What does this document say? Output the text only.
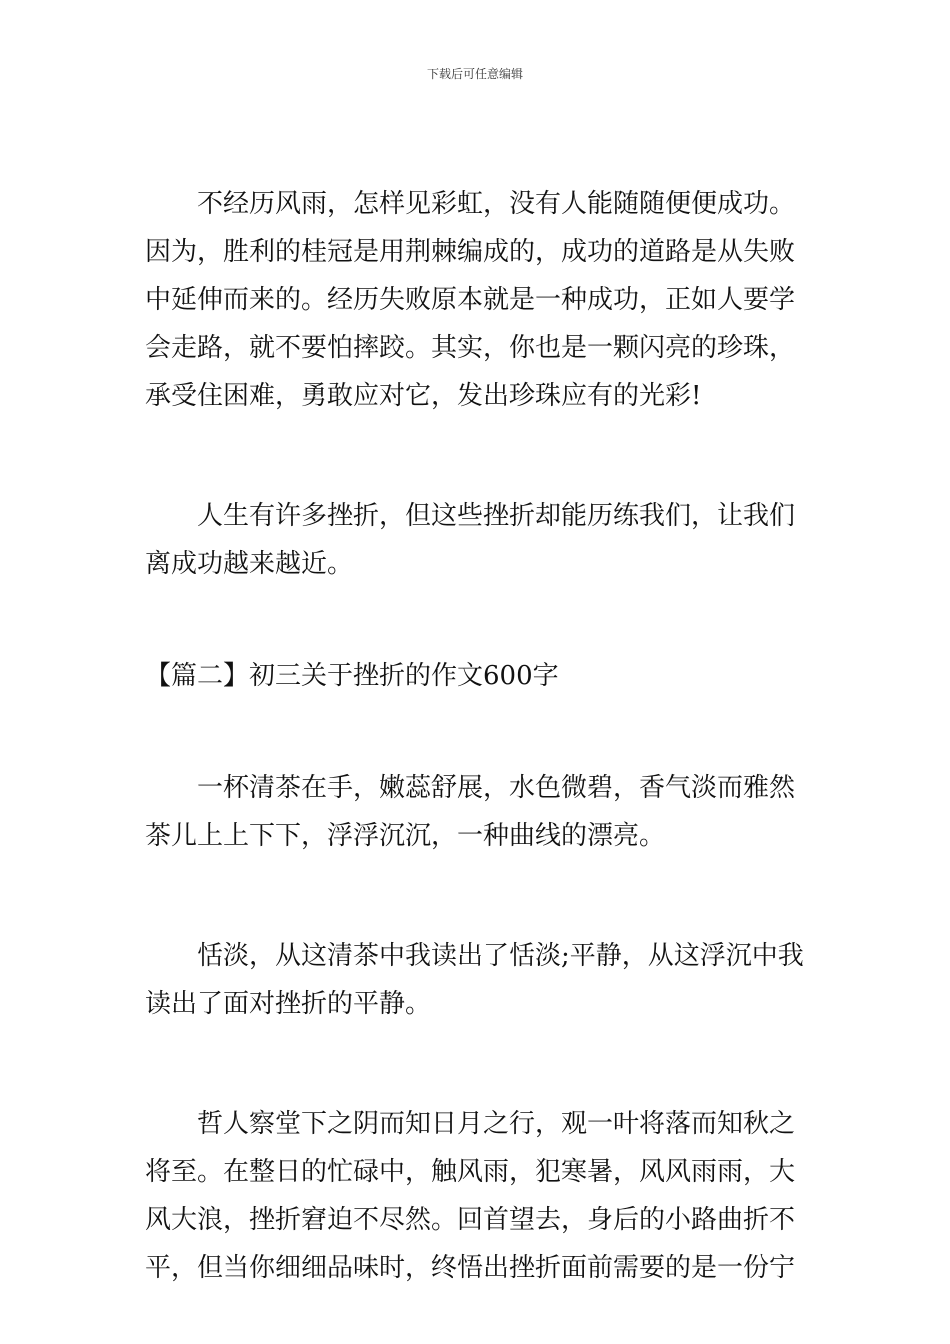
下载后可任意编辑

不经历风雨，怎样见彩虹，没有人能随随便便成功。
因为，胜利的桂冠是用荆棘编成的，成功的道路是从失败
中延伸而来的。经历失败原本就是一种成功，正如人要学
会走路，就不要怕摔跤。其实，你也是一颗闪亮的珍珠，
承受住困难，勇敢应对它，发出珍珠应有的光彩!

人生有许多挫折，但这些挫折却能历练我们，让我们
离成功越来越近。

【篇二】初三关于挫折的作文600字

一杯清茶在手，嫩蕊舒展，水色微碧，香气淡而雅然
茶儿上上下下，浮浮沉沉，一种曲线的漂亮。

恬淡，从这清茶中我读出了恬淡;平静，从这浮沉中我
读出了面对挫折的平静。

哲人察堂下之阴而知日月之行，观一叶将落而知秋之
将至。在整日的忙碌中，触风雨，犯寒暑，风风雨雨，大
风大浪，挫折窘迫不尽然。回首望去，身后的小路曲折不
平，但当你细细品味时，终悟出挫折面前需要的是一份宁
